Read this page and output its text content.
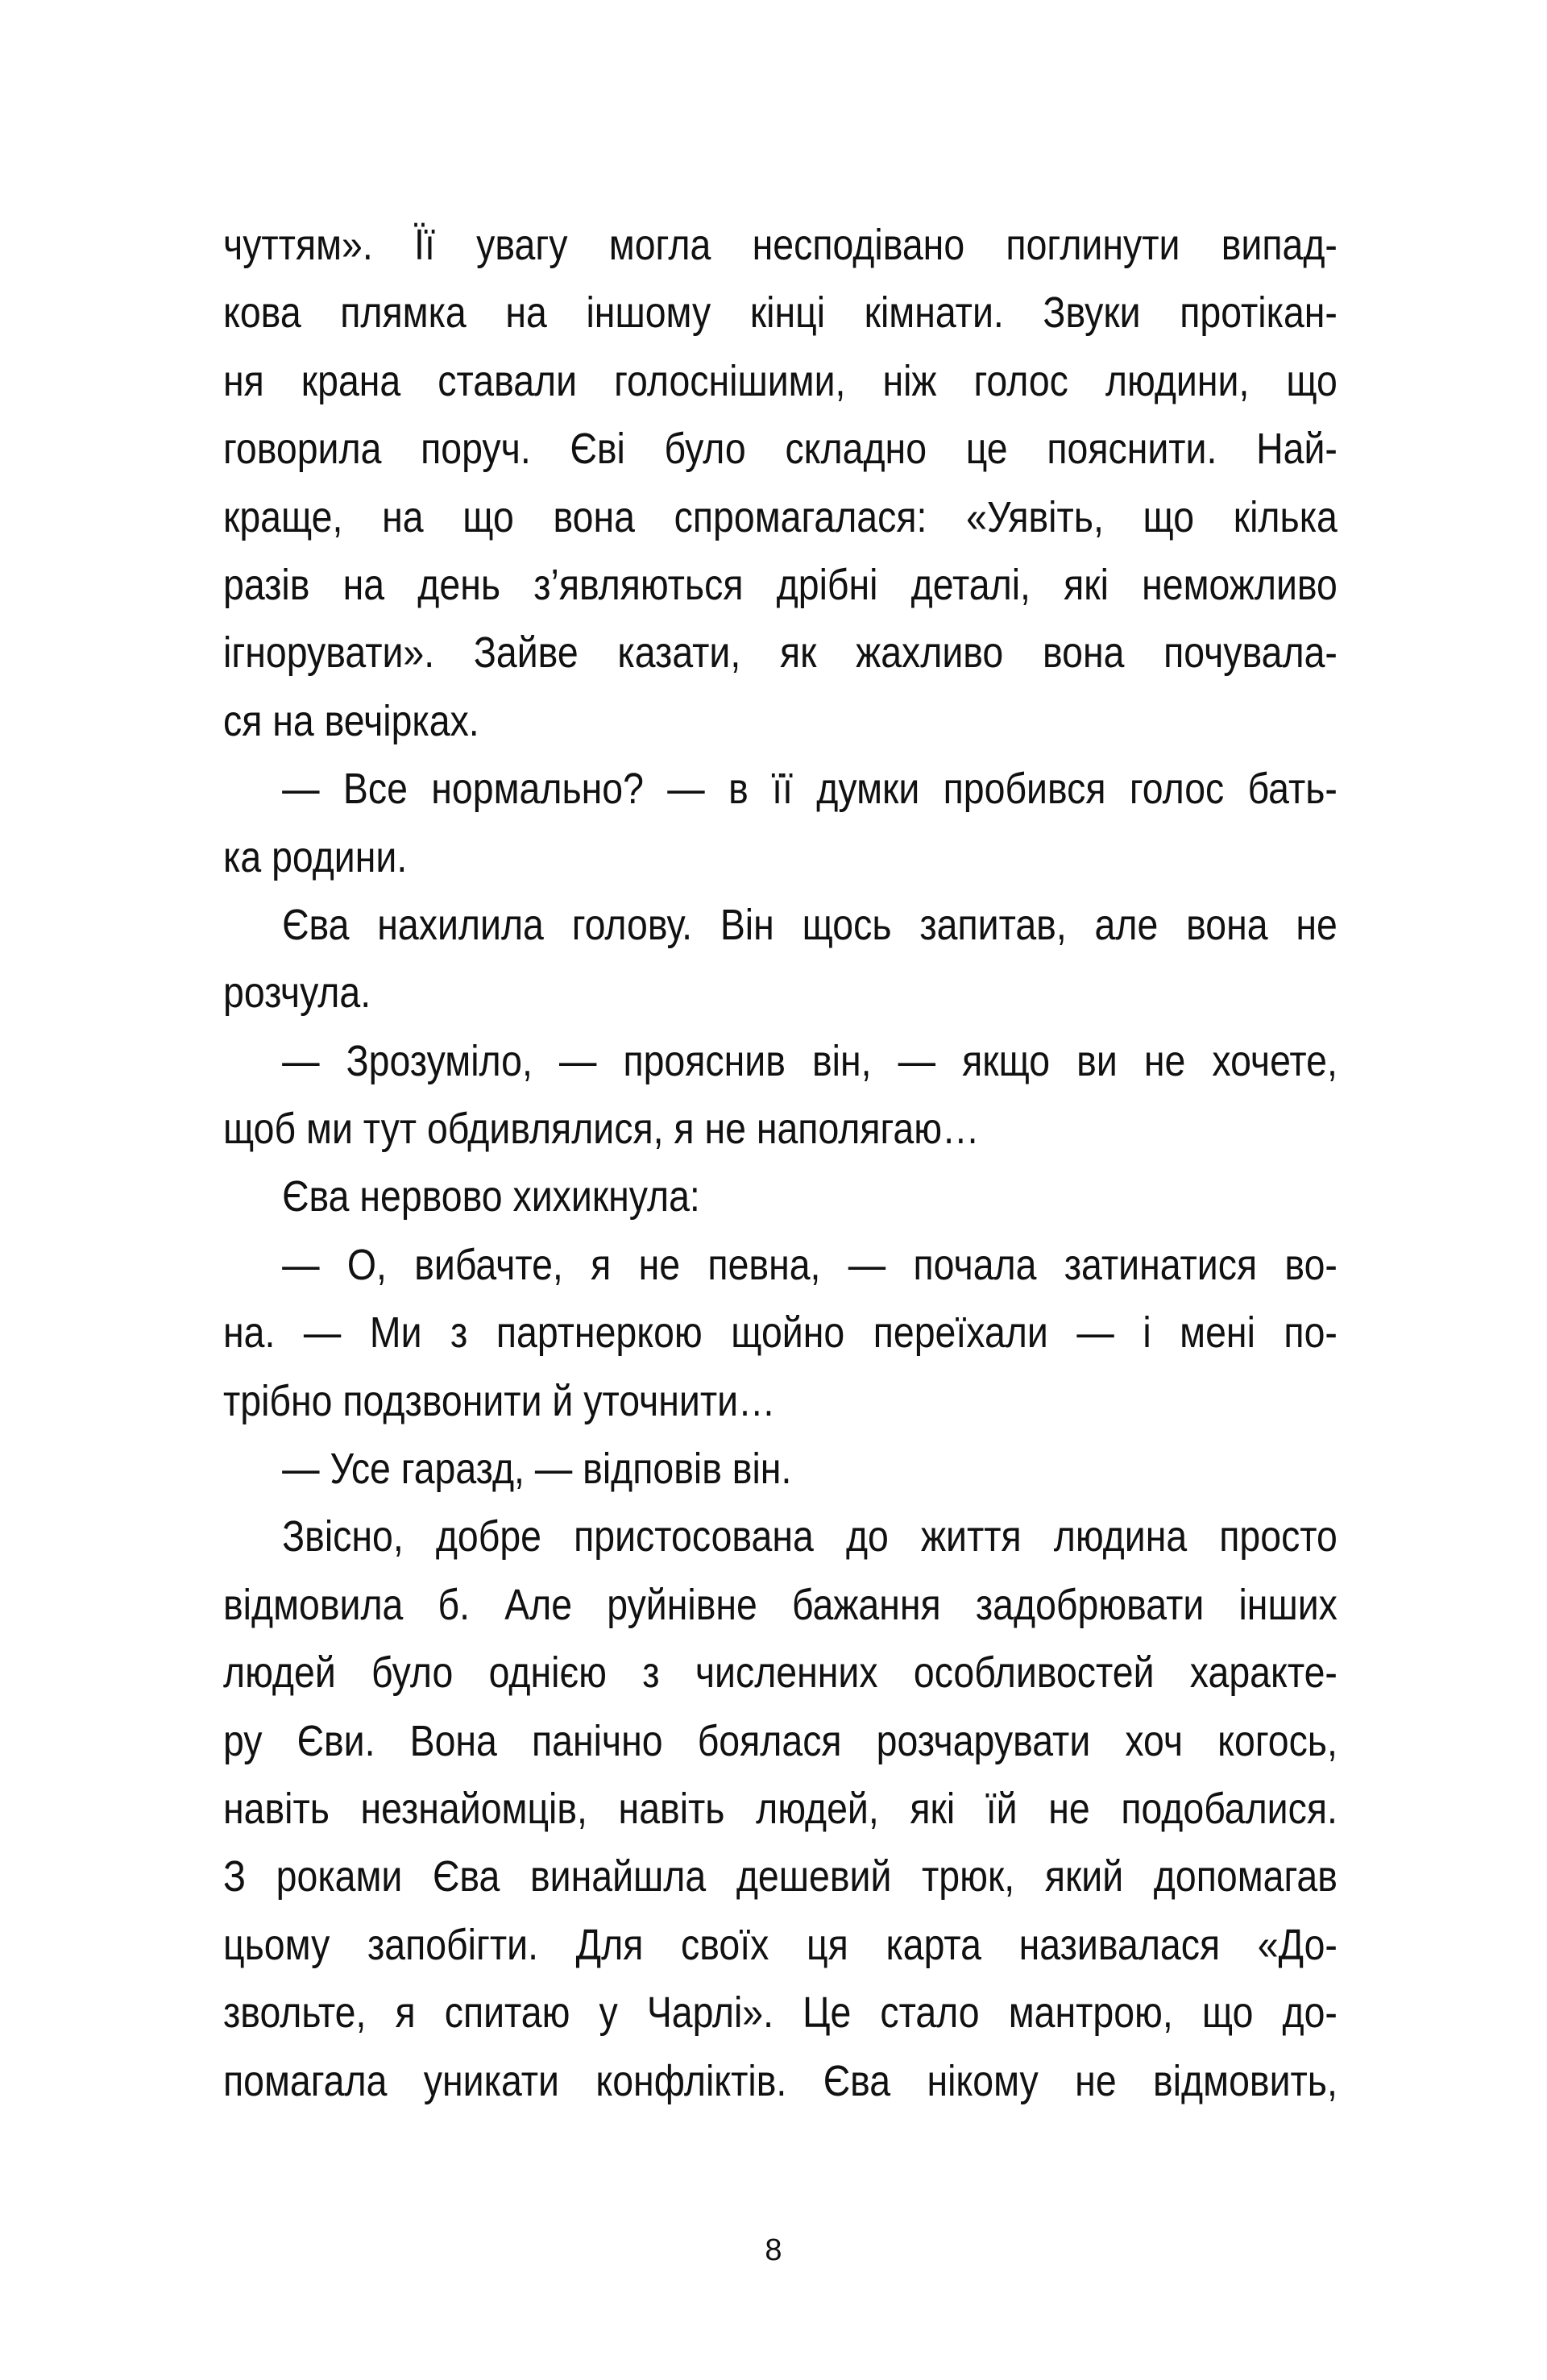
чуттям». Її увагу могла несподівано поглинути випад-
кова плямка на іншому кінці кімнати. Звуки протікан-
ня крана ставали голоснішими, ніж голос людини, що
говорила поруч. Єві було складно це пояснити. Най-
краще, на що вона спромагалася: «Уявіть, що кілька
разів на день з’являються дрібні деталі, які неможливо
ігнорувати». Зайве казати, як жахливо вона почувала-
ся на вечірках.
— Все нормально? — в її думки пробився голос бать-
ка родини.
Єва нахилила голову. Він щось запитав, але вона не
розчула.
— Зрозуміло, — прояснив він, — якщо ви не хочете,
щоб ми тут обдивлялися, я не наполягаю…
Єва нервово хихикнула:
— О, вибачте, я не певна, — почала затинатися во-
на. — Ми з партнеркою щойно переїхали — і мені по-
трібно подзвонити й уточнити…
— Усе гаразд, — відповів він.
Звісно, добре пристосована до життя людина просто
відмовила б. Але руйнівне бажання задобрювати інших
людей було однією з численних особливостей характе-
ру Єви. Вона панічно боялася розчарувати хоч когось,
навіть незнайомців, навіть людей, які їй не подобалися.
З роками Єва винайшла дешевий трюк, який допомагав
цьому запобігти. Для своїх ця карта називалася «До-
звольте, я спитаю у Чарлі». Це стало мантрою, що до-
помагала уникати конфліктів. Єва нікому не відмовить,
8
